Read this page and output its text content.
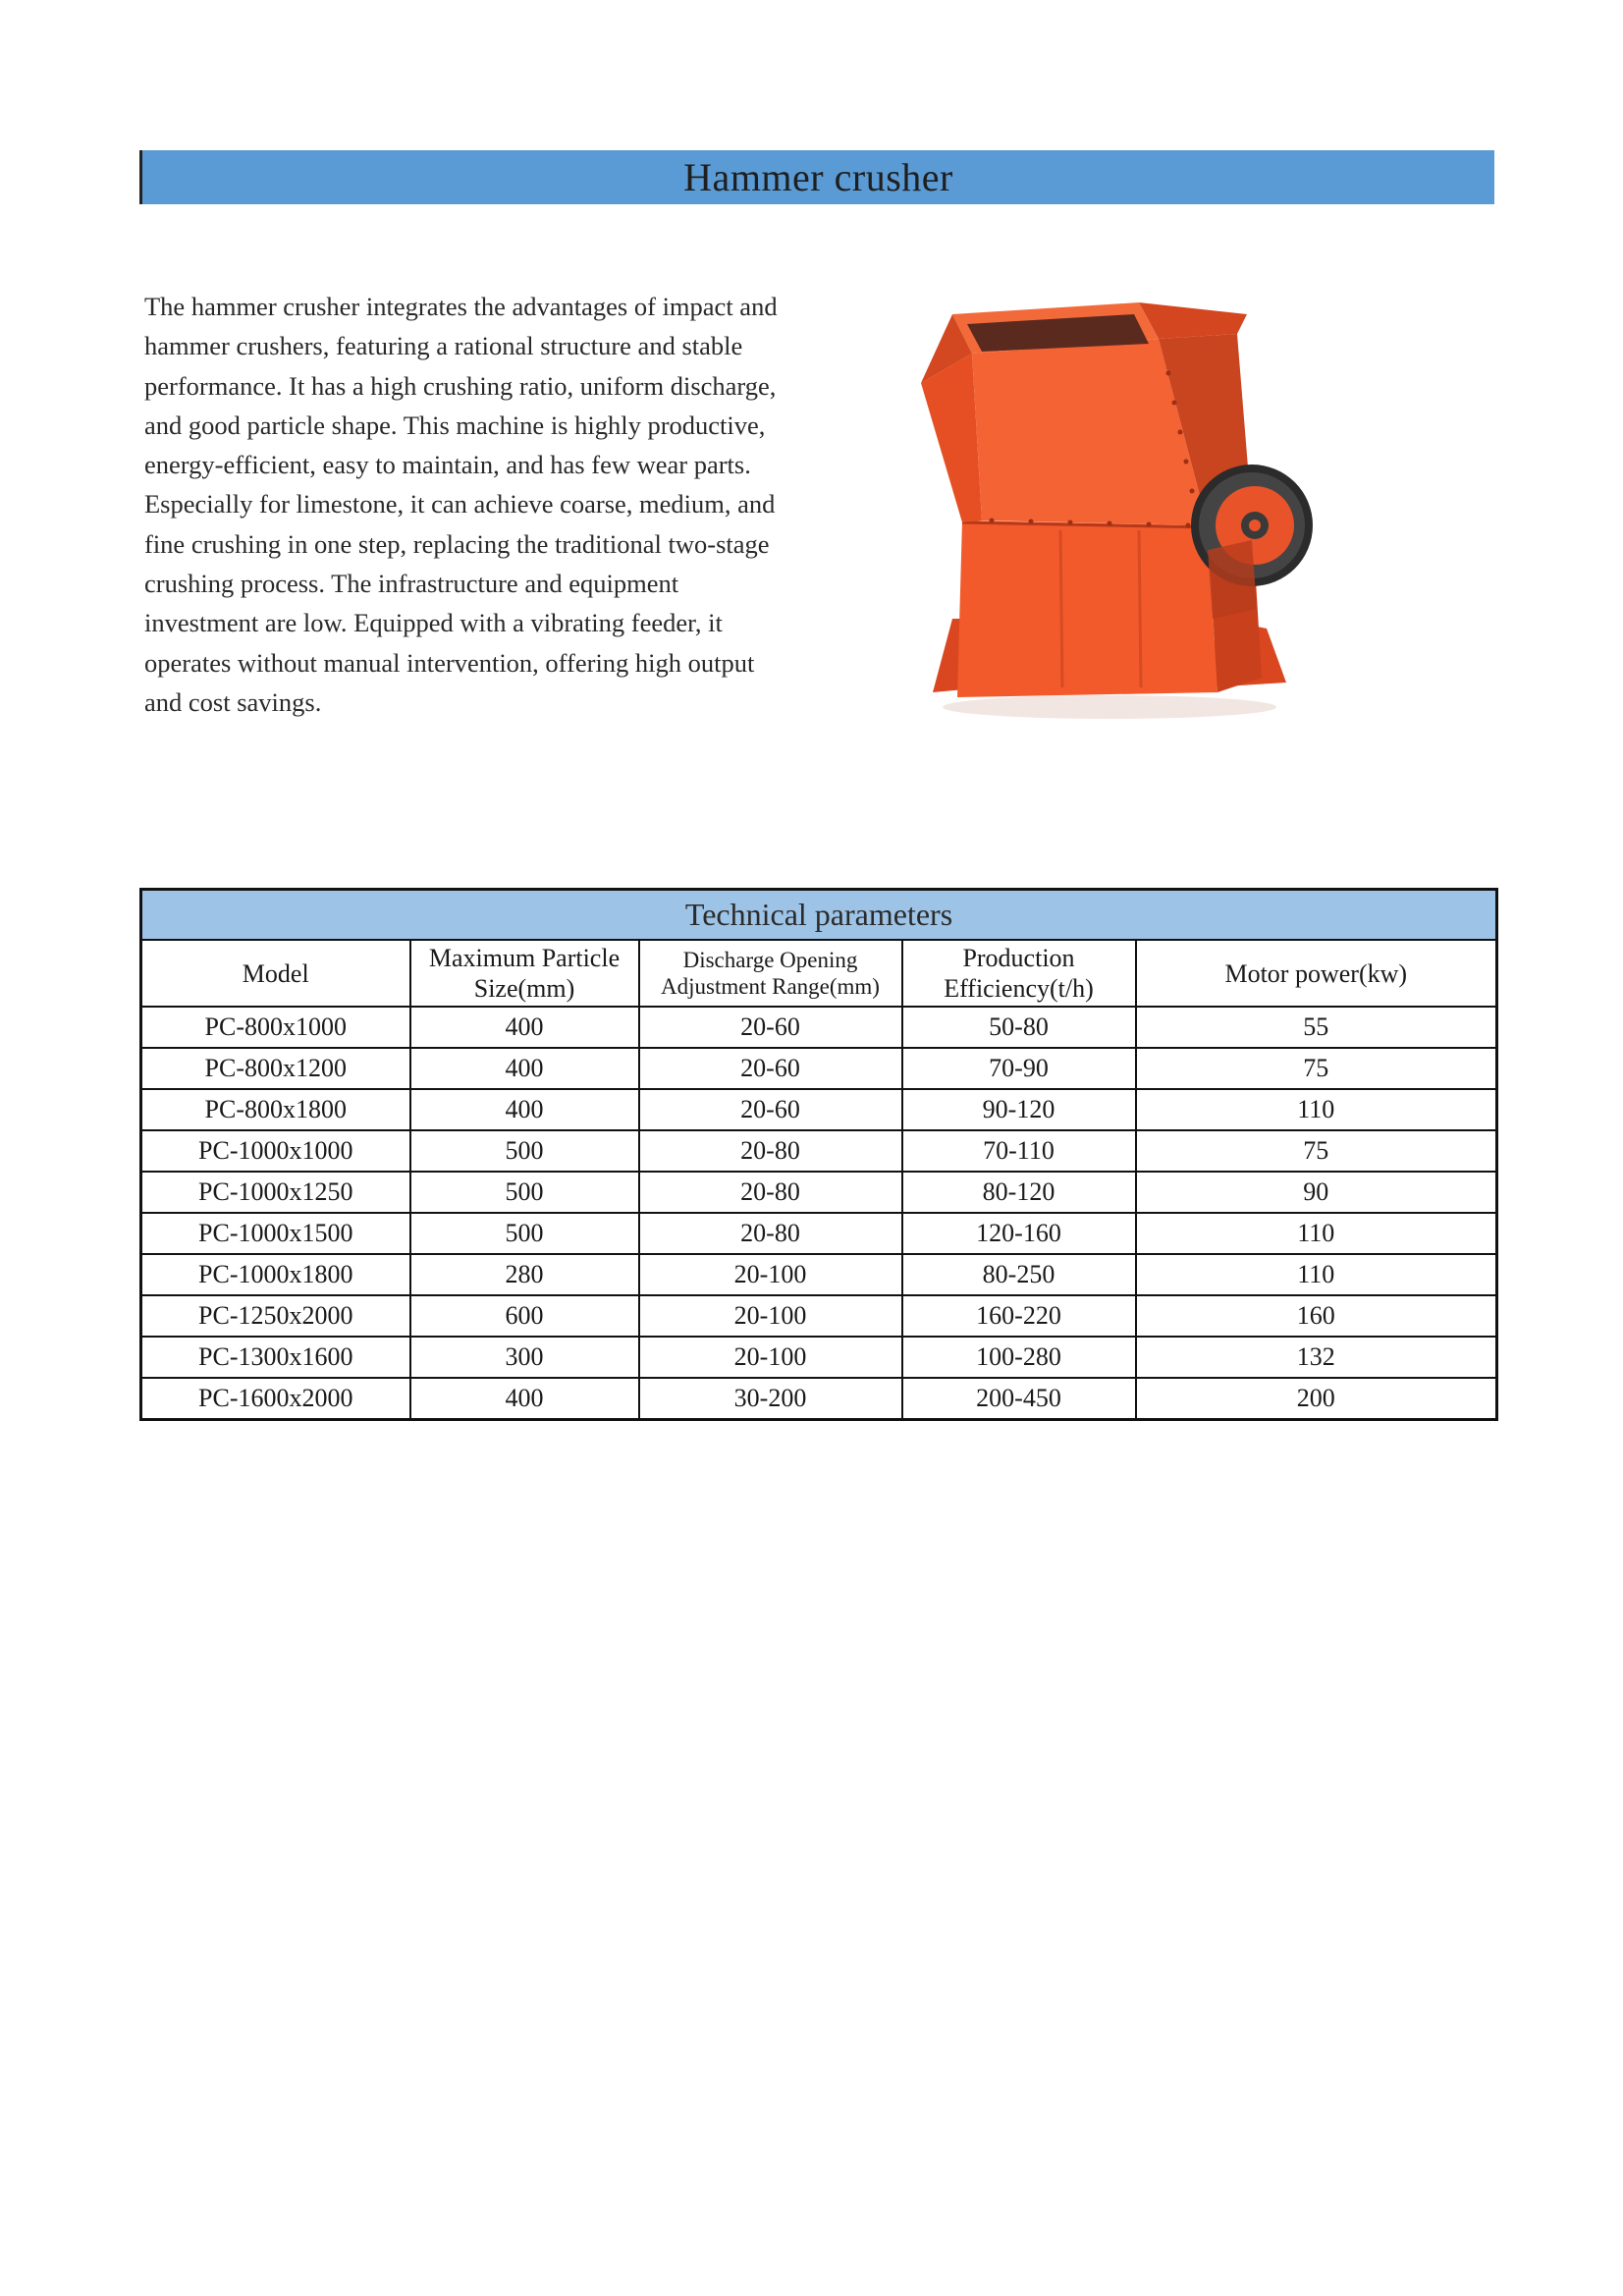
Hammer crusher

The hammer crusher integrates the advantages of impact and hammer crushers, featuring a rational structure and stable performance. It has a high crushing ratio, uniform discharge, and good particle shape. This machine is highly productive, energy-efficient, easy to maintain, and has few wear parts. Especially for limestone, it can achieve coarse, medium, and fine crushing in one step, replacing the traditional two-stage crushing process. The infrastructure and equipment investment are low. Equipped with a vibrating feeder, it operates without manual intervention, offering high output and cost savings.

Technical parameters				
Model	Maximum Particle Size(mm)	Discharge Opening Adjustment Range(mm)	Production Efficiency(t/h)	Motor power(kw)
PC-800x1000	400	20-60	50-80	55
PC-800x1200	400	20-60	70-90	75
PC-800x1800	400	20-60	90-120	110
PC-1000x1000	500	20-80	70-110	75
PC-1000x1250	500	20-80	80-120	90
PC-1000x1500	500	20-80	120-160	110
PC-1000x1800	280	20-100	80-250	110
PC-1250x2000	600	20-100	160-220	160
PC-1300x1600	300	20-100	100-280	132
PC-1600x2000	400	30-200	200-450	200
